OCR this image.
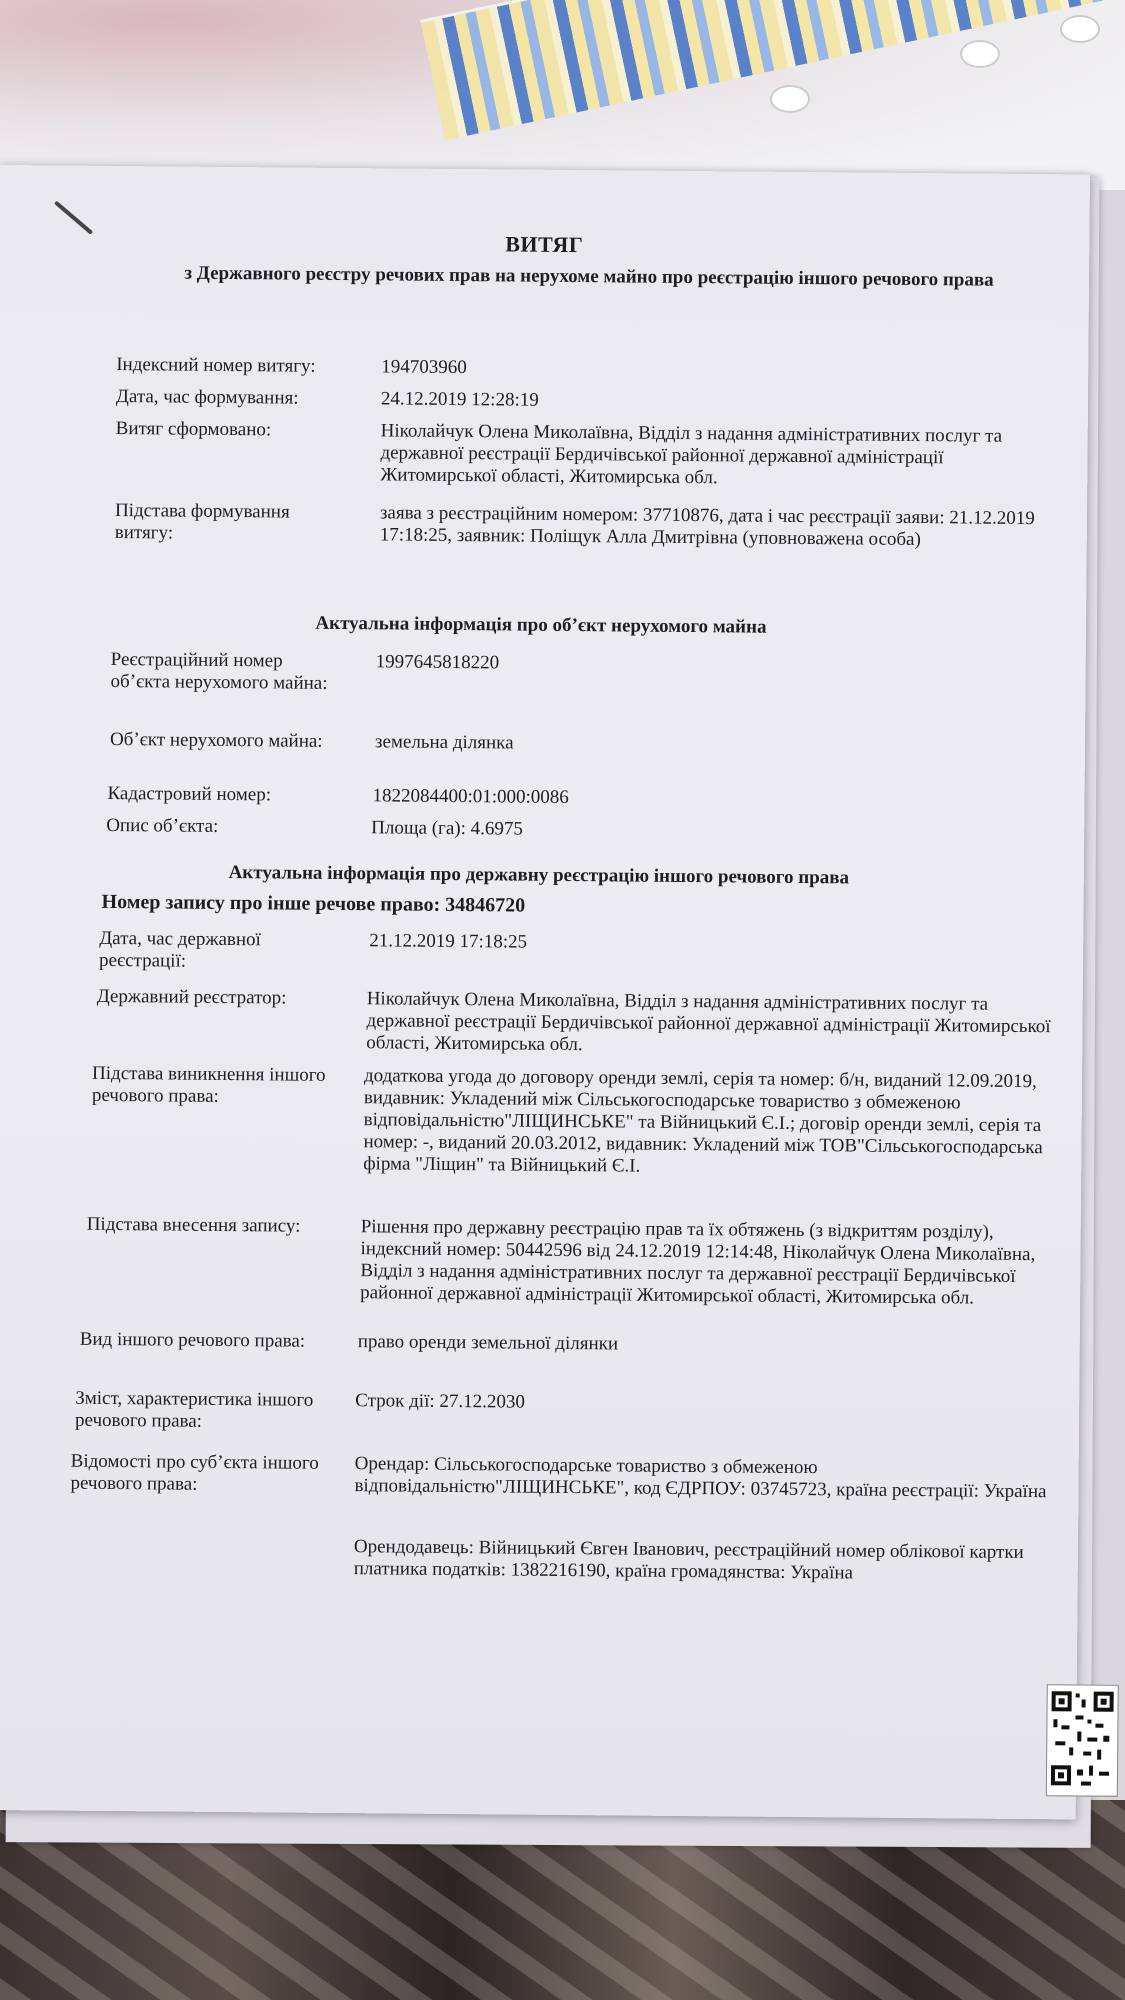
ВИТЯГ
з Державного реєстру речових прав на нерухоме майно про реєстрацію іншого речового права
Індексний номер витягу:	194703960
Дата, час формування:	24.12.2019 12:28:19
Витяг сформовано:	Ніколайчук Олена Миколаївна, Відділ з надання адміністративних послуг та державної реєстрації Бердичівської районної державної адміністрації Житомирської області, Житомирська обл.
Підстава формування витягу:
заява з реєстраційним номером: 37710876, дата і час реєстрації заяви: 21.12.2019 17:18:25, заявник: Поліщук Алла Дмитрівна (уповноважена особа)
Актуальна інформація про об’єкт нерухомого майна
Реєстраційний номер об’єкта нерухомого майна:
1997645818220
Об’єкт нерухомого майна:	земельна ділянка
Кадастровий номер:	1822084400:01:000:0086
Опис об’єкта:	Площа (га): 4.6975
Актуальна інформація про державну реєстрацію іншого речового права
Номер запису про інше речове право: 34846720
Дата, час державної реєстрації:
21.12.2019 17:18:25
Державний реєстратор:	Ніколайчук Олена Миколаївна, Відділ з надання адміністративних послуг та державної реєстрації Бердичівської районної державної адміністрації Житомирської області, Житомирська обл.
Підстава виникнення іншого речового права:
додаткова угода до договору оренди землі, серія та номер: б/н, виданий 12.09.2019, видавник: Укладений між Сільськогосподарське товариство з обмеженою відповідальністю"ЛІЩИНСЬКЕ" та Війницький Є.І.; договір оренди землі, серія та номер: -, виданий 20.03.2012, видавник: Укладений між ТОВ"Сільськогосподарська фірма "Ліщин" та Війницький Є.І.
Підстава внесення запису:	Рішення про державну реєстрацію прав та їх обтяжень (з відкриттям розділу), індексний номер: 50442596 від 24.12.2019 12:14:48, Ніколайчук Олена Миколаївна, Відділ з надання адміністративних послуг та державної реєстрації Бердичівської районної державної адміністрації Житомирської області, Житомирська обл.
Вид іншого речового права:	право оренди земельної ділянки
Зміст, характеристика іншого речового права:
Строк дії: 27.12.2030
Відомості про суб’єкта іншого речового права:
Орендар: Сільськогосподарське товариство з обмеженою відповідальністю"ЛІЩИНСЬКЕ", код ЄДРПОУ: 03745723, країна реєстрації: Україна
Орендодавець: Війницький Євген Іванович, реєстраційний номер облікової картки платника податків: 1382216190, країна громадянства: Україна
